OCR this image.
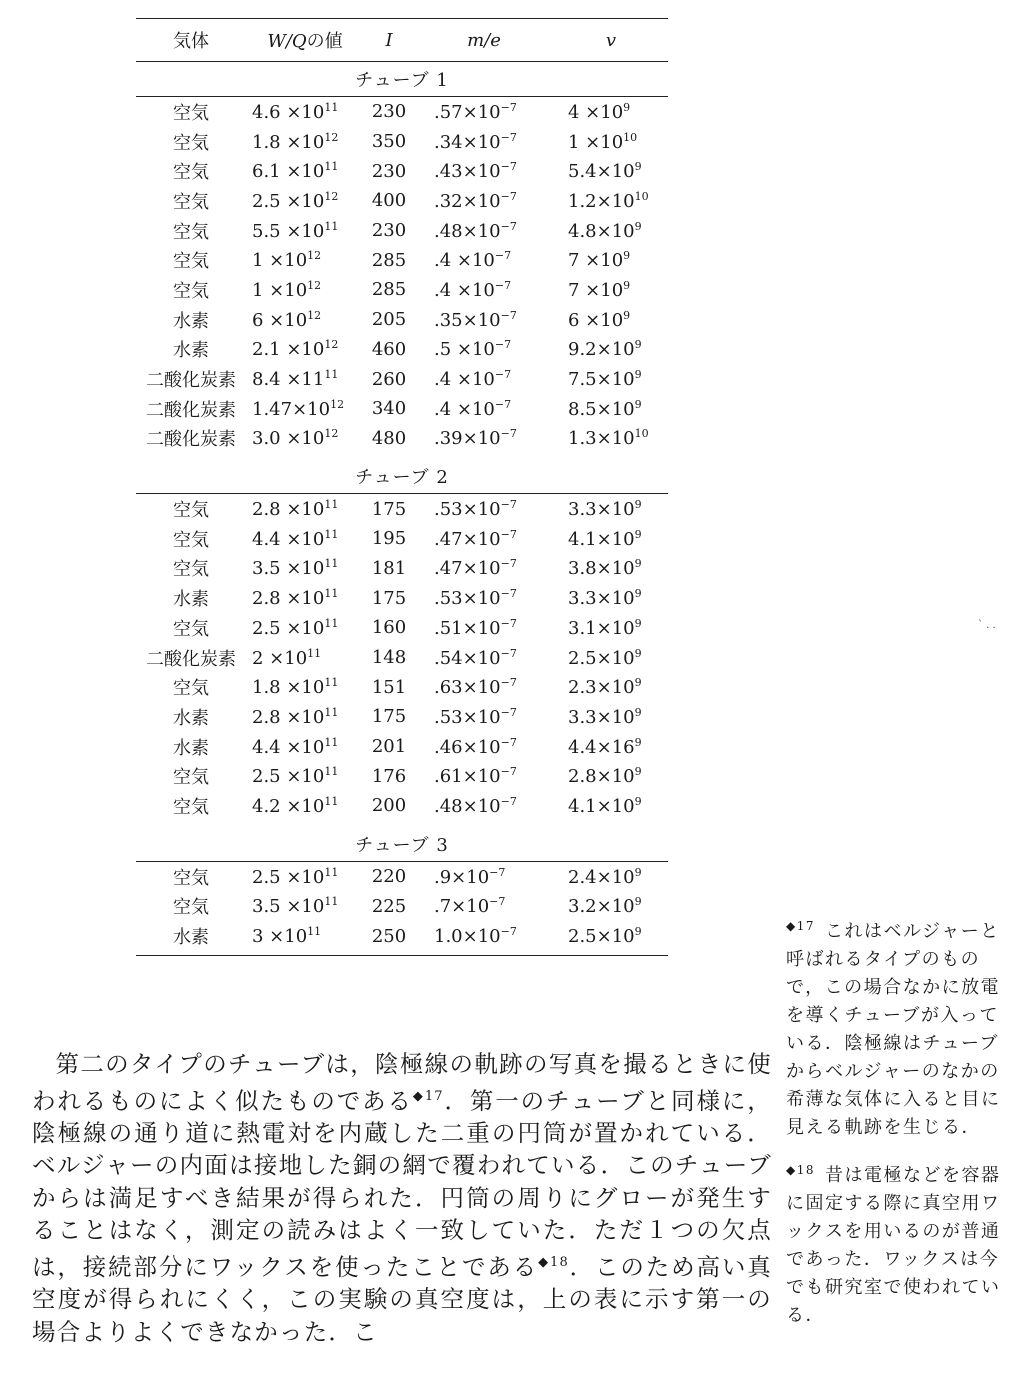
気体	W/Qの値	I	m/e	v
チューブ 1
空気	$4.6 \times 10^{11}$	230	$.57\times 10^{-7}$	$4 \times 10^9$
空気	$1.8 \times 10^{12}$	350	$.34\times 10^{-7}$	$1 \times 10^{10}$
空気	$6.1 \times 10^{11}$	230	$.43\times 10^{-7}$	$5.4\times 10^9$
空気	$2.5 \times 10^{12}$	400	$.32\times 10^{-7}$	$1.2\times 10^{10}$
空気	$5.5 \times 10^{11}$	230	$.48\times 10^{-7}$	$4.8\times 10^9$
空気	$1 \times 10^{12}$	285	$.4 \times 10^{-7}$	$7 \times 10^9$
空気	$1 \times 10^{12}$	285	$.4 \times 10^{-7}$	$7 \times 10^9$
水素	$6 \times 10^{12}$	205	$.35\times 10^{-7}$	$6 \times 10^9$
水素	$2.1 \times 10^{12}$	460	$.5 \times 10^{-7}$	$9.2\times 10^9$
二酸化炭素 $8.4 \times 11^{11}$	260	$.4 \times 10^{-7}$	$7.5\times 10^9$
二酸化炭素 $1.47\times 10^{12}$	340	$.4 \times 10^{-7}$	$8.5\times 10^9$
二酸化炭素 $3.0 \times 10^{12}$	480	$.39\times 10^{-7}$	$1.3\times 10^{10}$
チューブ 2
空気	$2.8 \times 10^{11}$	175	$.53\times 10^{-7}$	$3.3\times 10^9$
空気	$4.4 \times 10^{11}$	195	$.47\times 10^{-7}$	$4.1\times 10^9$
空気	$3.5 \times 10^{11}$	181	$.47\times 10^{-7}$	$3.8\times 10^9$
水素	$2.8 \times 10^{11}$	175	$.53\times 10^{-7}$	$3.3\times 10^9$
空気	$2.5 \times 10^{11}$	160	$.51\times 10^{-7}$	$3.1\times 10^9$
二酸化炭素 $2 \times 10^{11}$	148	$.54\times 10^{-7}$	$2.5\times 10^9$
空気	$1.8 \times 10^{11}$	151	$.63\times 10^{-7}$	$2.3\times 10^9$
水素	$2.8 \times 10^{11}$	175	$.53\times 10^{-7}$	$3.3\times 10^9$
水素	$4.4 \times 10^{11}$	201	$.46\times 10^{-7}$	$4.4\times 16^9$
空気	$2.5 \times 10^{11}$	176	$.61\times 10^{-7}$	$2.8\times 10^9$
空気	$4.2 \times 10^{11}$	200	$.48\times 10^{-7}$	$4.1\times 10^9$
チューブ 3
空気	$2.5 \times 10^{11}$	220	$.9\times 10^{-7}$	$2.4\times 10^9$
空気	$3.5 \times 10^{11}$	225	$.7\times 10^{-7}$	$3.2\times 10^9$
水素	$3 \times 10^{11}$	250	$1.0\times 10^{-7}$	$2.5\times 10^9$

第二のタイプのチューブは，陰極線の軌跡の写真を撮るときに使われるものによく似たものである$^{◆17}$．第一のチューブと同様に，陰極線の通り道に熱電対を内蔵した二重の円筒が置かれている．ベルジャーの内面は接地した銅の網で覆われている．このチューブからは満足すべき結果が得られた．円筒の周りにグローが発生することはなく，測定の読みはよく一致していた．ただ１つの欠点は，接続部分にワックスを使ったことである$^{◆18}$．このため高い真空度が得られにくく，この実験の真空度は，上の表に示す第一の場合よりよくできなかった．こ

$^{◆17}$ これはベルジャーと呼ばれるタイプのもので，この場合なかに放電を導くチューブが入っている．陰極線はチューブからベルジャーのなかの希薄な気体に入ると目に見える軌跡を生じる．
$^{◆18}$ 昔は電極などを容器に固定する際に真空用ワックスを用いるのが普通であった．ワックスは今でも研究室で使われている．
` . .
